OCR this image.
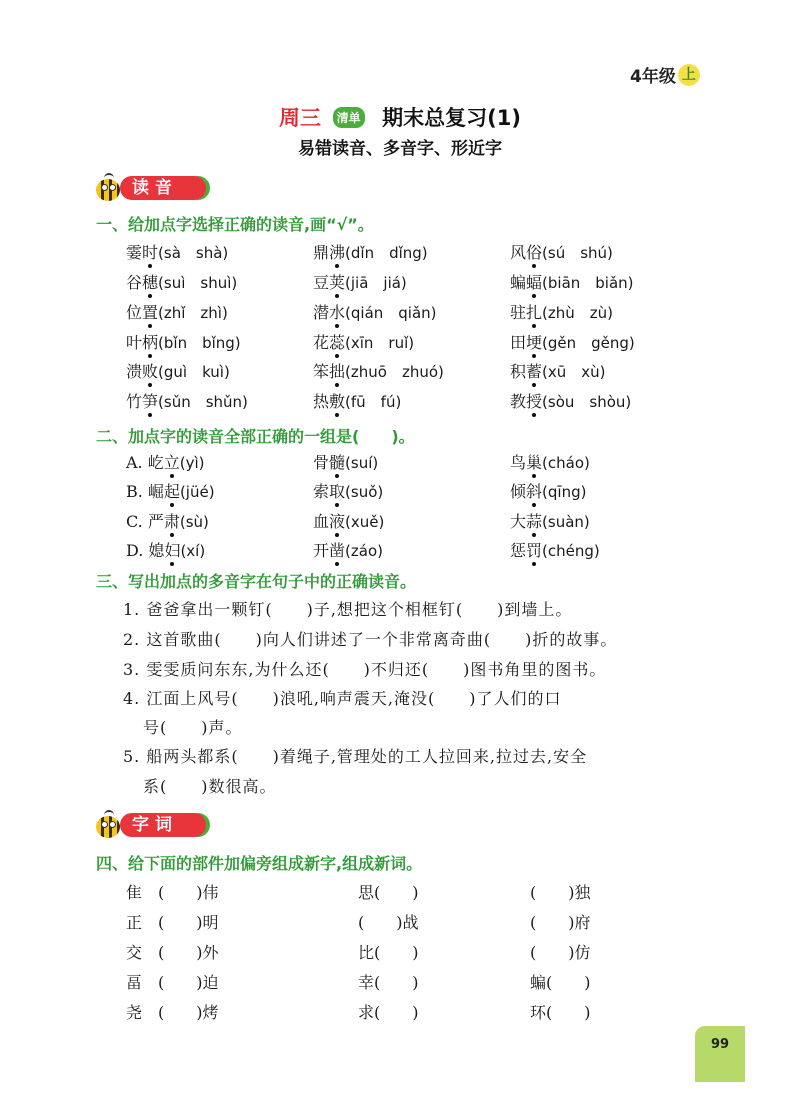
4年级 上
周三 清单 期末总复习(1)
易错读音、多音字、形近字
读音
一、给加点字选择正确的读音,画“√”。
霎时(sà　shà)	鼎沸(dǐn　dǐng)	风俗(sú　shú)
谷穗(suì　shuì)	豆荚(jiā　jiá)	蝙蝠(biān　biǎn)
位置(zhǐ　zhì)	潜水(qián　qiǎn)	驻扎(zhù　zù)
叶柄(bǐn　bǐng)	花蕊(xīn　ruǐ)	田埂(gěn　gěng)
溃败(guì　kuì)	笨拙(zhuō　zhuó)	积蓄(xū　xù)
竹笋(sǔn　shǔn)	热敷(fū　fú)	教授(sòu　shòu)
二、加点字的读音全部正确的一组是(　　)。
A. 屹立(yì)	骨髓(suí)	鸟巢(cháo)
B. 崛起(jüé)	索取(suǒ)	倾斜(qīng)
C. 严肃(sù)	血液(xuě)	大蒜(suàn)
D. 媳妇(xí)	开凿(záo)	惩罚(chéng)
三、写出加点的多音字在句子中的正确读音。
1. 爸爸拿出一颗钉(　　)子,想把这个相框钉(　　)到墙上。
2. 这首歌曲(　　)向人们讲述了一个非常离奇曲(　　)折的故事。
3. 雯雯质问东东,为什么还(　　)不归还(　　)图书角里的图书。
4. 江面上风号(　　)浪吼,响声震天,淹没(　　)了人们的口
号(　　)声。
5. 船两头都系(　　)着绳子,管理处的工人拉回来,拉过去,安全
系(　　)数很高。
字词
四、给下面的部件加偏旁组成新字,组成新词。
隹　(　　)伟	思(　　)	(　　)独
正　(　　)明	(　　)战	(　　)府
交　(　　)外	比(　　)	(　　)仿
畐　(　　)迫	幸(　　)	蝙(　　)
尧　(　　)烤	求(　　)	环(　　)
99
